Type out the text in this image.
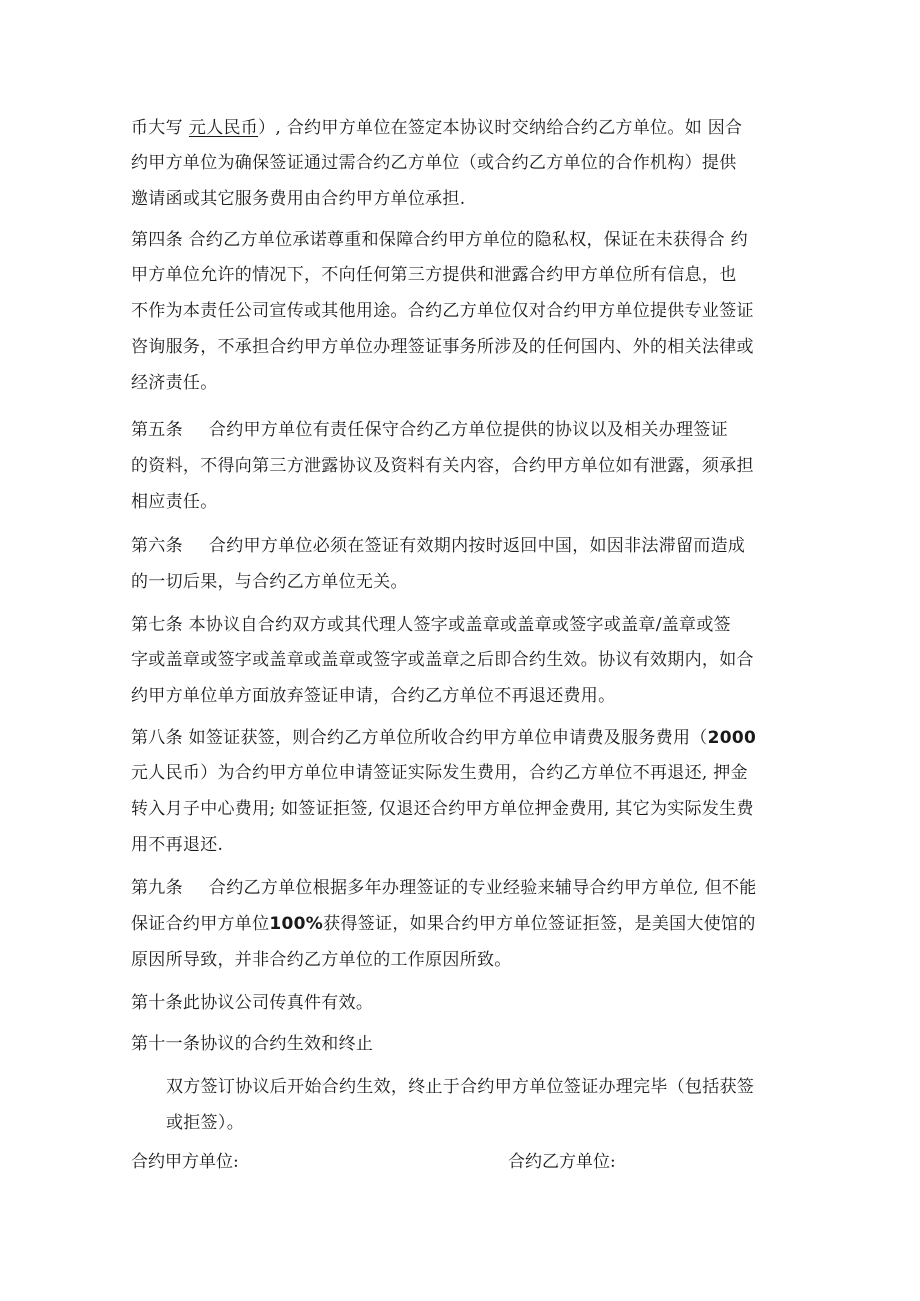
币大写 元人民币）, 合约甲方单位在签定本协议时交纳给合约乙方单位。如 因合
约甲方单位为确保签证通过需合约乙方单位（或合约乙方单位的合作机构）提供
邀请函或其它服务费用由合约甲方单位承担.
第四条 合约乙方单位承诺尊重和保障合约甲方单位的隐私权，保证在未获得合 约
甲方单位允许的情况下，不向任何第三方提供和泄露合约甲方单位所有信息，也
不作为本责任公司宣传或其他用途。合约乙方单位仅对合约甲方单位提供专业签证
咨询服务，不承担合约甲方单位办理签证事务所涉及的任何国内、外的相关法律或
经济责任。
第五条 合约甲方单位有责任保守合约乙方单位提供的协议以及相关办理签证
的资料，不得向第三方泄露协议及资料有关内容，合约甲方单位如有泄露，须承担
相应责任。
第六条 合约甲方单位必须在签证有效期内按时返回中国，如因非法滞留而造成
的一切后果，与合约乙方单位无关。
第七条 本协议自合约双方或其代理人签字或盖章或盖章或签字或盖章/盖章或签
字或盖章或签字或盖章或盖章或签字或盖章之后即合约生效。协议有效期内，如合
约甲方单位单方面放弃签证申请，合约乙方单位不再退还费用。
第八条 如签证获签，则合约乙方单位所收合约甲方单位申请费及服务费用（2000
元人民币）为合约甲方单位申请签证实际发生费用，合约乙方单位不再退还, 押金
转入月子中心费用; 如签证拒签, 仅退还合约甲方单位押金费用, 其它为实际发生费
用不再退还.
第九条 合约乙方单位根据多年办理签证的专业经验来辅导合约甲方单位, 但不能
保证合约甲方单位100%获得签证，如果合约甲方单位签证拒签，是美国大使馆的
原因所导致，并非合约乙方单位的工作原因所致。
第十条此协议公司传真件有效。
第十一条协议的合约生效和终止
双方签订协议后开始合约生效，终止于合约甲方单位签证办理完毕（包括获签
或拒签）。
合约甲方单位:	合约乙方单位:
